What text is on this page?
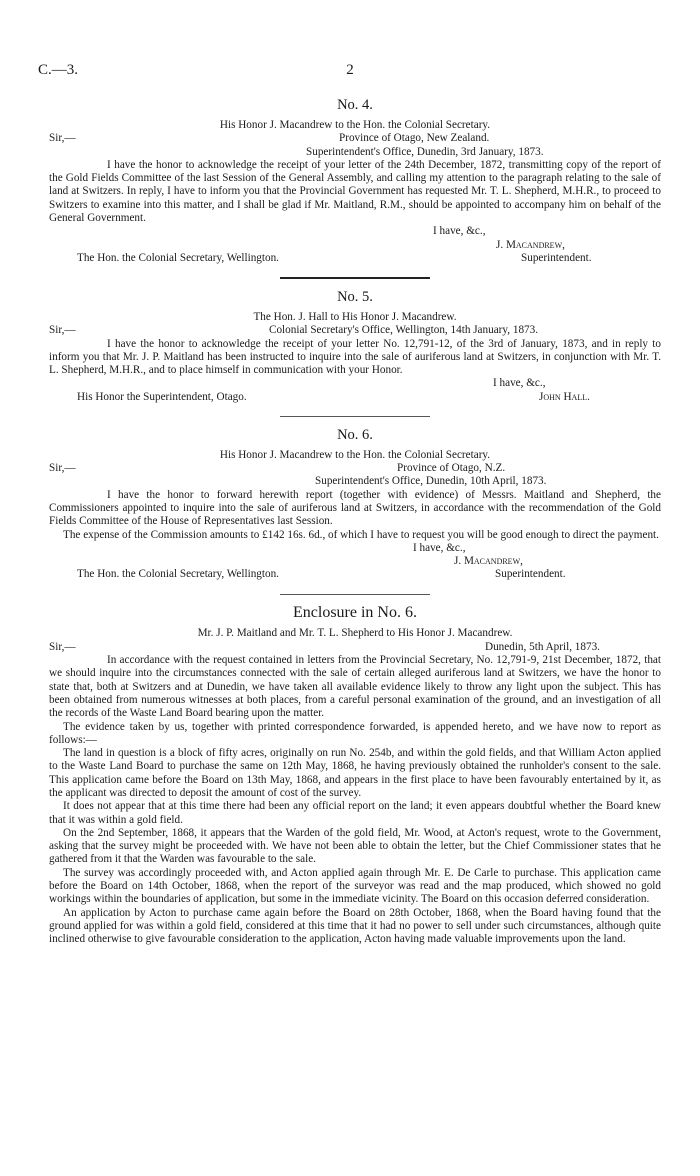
C.—3.	2
No. 4.
His Honor J. Macandrew to the Hon. the Colonial Secretary.
Sir,—	Province of Otago, New Zealand.
Superintendent's Office, Dunedin, 3rd January, 1873.

I have the honor to acknowledge the receipt of your letter of the 24th December, 1872, transmitting copy of the report of the Gold Fields Committee of the last Session of the General Assembly, and calling my attention to the paragraph relating to the sale of land at Switzers. In reply, I have to inform you that the Provincial Government has requested Mr. T. L. Shepherd, M.H.R., to proceed to Switzers to examine into this matter, and I shall be glad if Mr. Maitland, R.M., should be appointed to accompany him on behalf of the General Government.

I have, &c.,
J. Macandrew,
The Hon. the Colonial Secretary, Wellington.	Superintendent.
No. 5.
The Hon. J. Hall to His Honor J. Macandrew.
Sir,—	Colonial Secretary's Office, Wellington, 14th January, 1873.

I have the honor to acknowledge the receipt of your letter No. 12,791-12, of the 3rd of January, 1873, and in reply to inform you that Mr. J. P. Maitland has been instructed to inquire into the sale of auriferous land at Switzers, in conjunction with Mr. T. L. Shepherd, M.H.R., and to place himself in communication with your Honor.

I have, &c.,
His Honor the Superintendent, Otago.	John Hall.
No. 6.
His Honor J. Macandrew to the Hon. the Colonial Secretary.
Sir,—	Province of Otago, N.Z.
Superintendent's Office, Dunedin, 10th April, 1873.

I have the honor to forward herewith report (together with evidence) of Messrs. Maitland and Shepherd, the Commissioners appointed to inquire into the sale of auriferous land at Switzers, in accordance with the recommendation of the Gold Fields Committee of the House of Representatives last Session.

The expense of the Commission amounts to £142 16s. 6d., of which I have to request you will be good enough to direct the payment.

I have, &c.,
J. Macandrew,
The Hon. the Colonial Secretary, Wellington.	Superintendent.
Enclosure in No. 6.
Mr. J. P. Maitland and Mr. T. L. Shepherd to His Honor J. Macandrew.
Sir,—	Dunedin, 5th April, 1873.

In accordance with the request contained in letters from the Provincial Secretary, No. 12,791-9, 21st December, 1872, that we should inquire into the circumstances connected with the sale of certain alleged auriferous land at Switzers, we have the honor to state that, both at Switzers and at Dunedin, we have taken all available evidence likely to throw any light upon the subject. This has been obtained from numerous witnesses at both places, from a careful personal examination of the ground, and an investigation of all the records of the Waste Land Board bearing upon the matter.

The evidence taken by us, together with printed correspondence forwarded, is appended hereto, and we have now to report as follows:—

The land in question is a block of fifty acres, originally on run No. 254b, and within the gold fields, and that William Acton applied to the Waste Land Board to purchase the same on 12th May, 1868, he having previously obtained the runholder's consent to the sale. This application came before the Board on 13th May, 1868, and appears in the first place to have been favourably entertained by it, as the applicant was directed to deposit the amount of cost of the survey.

It does not appear that at this time there had been any official report on the land; it even appears doubtful whether the Board knew that it was within a gold field.

On the 2nd September, 1868, it appears that the Warden of the gold field, Mr. Wood, at Acton's request, wrote to the Government, asking that the survey might be proceeded with. We have not been able to obtain the letter, but the Chief Commissioner states that he gathered from it that the Warden was favourable to the sale.

The survey was accordingly proceeded with, and Acton applied again through Mr. E. De Carle to purchase. This application came before the Board on 14th October, 1868, when the report of the surveyor was read and the map produced, which showed no gold workings within the boundaries of application, but some in the immediate vicinity. The Board on this occasion deferred consideration.

An application by Acton to purchase came again before the Board on 28th October, 1868, when the Board having found that the ground applied for was within a gold field, considered at this time that it had no power to sell under such circumstances, although quite inclined otherwise to give favourable consideration to the application, Acton having made valuable improvements upon the land.
